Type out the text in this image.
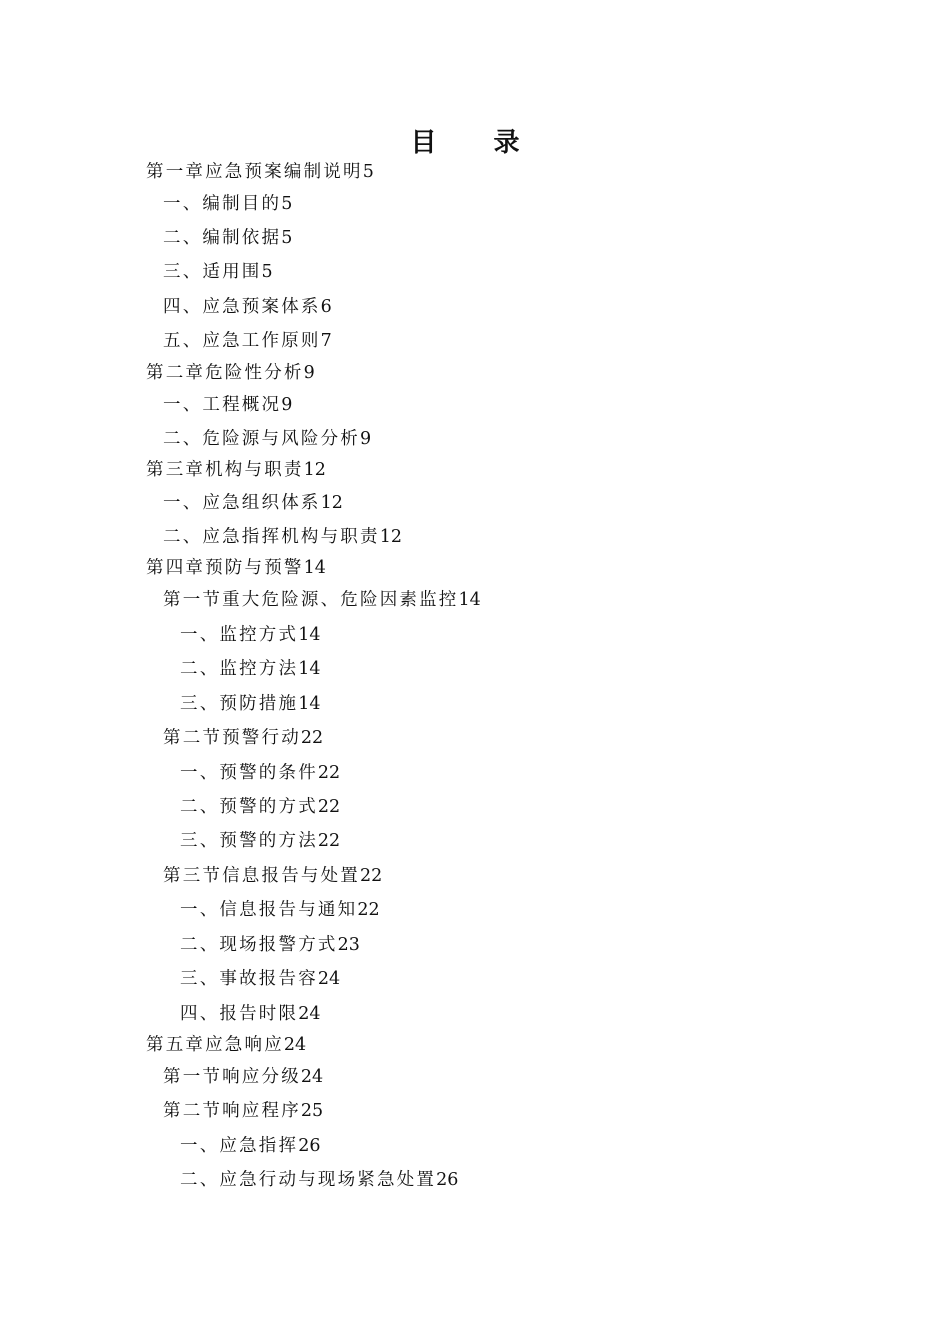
目 录
第一章应急预案编制说明5
一、编制目的5
二、编制依据5
三、适用围5
四、应急预案体系6
五、应急工作原则7
第二章危险性分析9
一、工程概况9
二、危险源与风险分析9
第三章机构与职责12
一、应急组织体系12
二、应急指挥机构与职责12
第四章预防与预警14
第一节重大危险源、危险因素监控14
一、监控方式14
二、监控方法14
三、预防措施14
第二节预警行动22
一、预警的条件22
二、预警的方式22
三、预警的方法22
第三节信息报告与处置22
一、信息报告与通知22
二、现场报警方式23
三、事故报告容24
四、报告时限24
第五章应急响应24
第一节响应分级24
第二节响应程序25
一、应急指挥26
二、应急行动与现场紧急处置26
